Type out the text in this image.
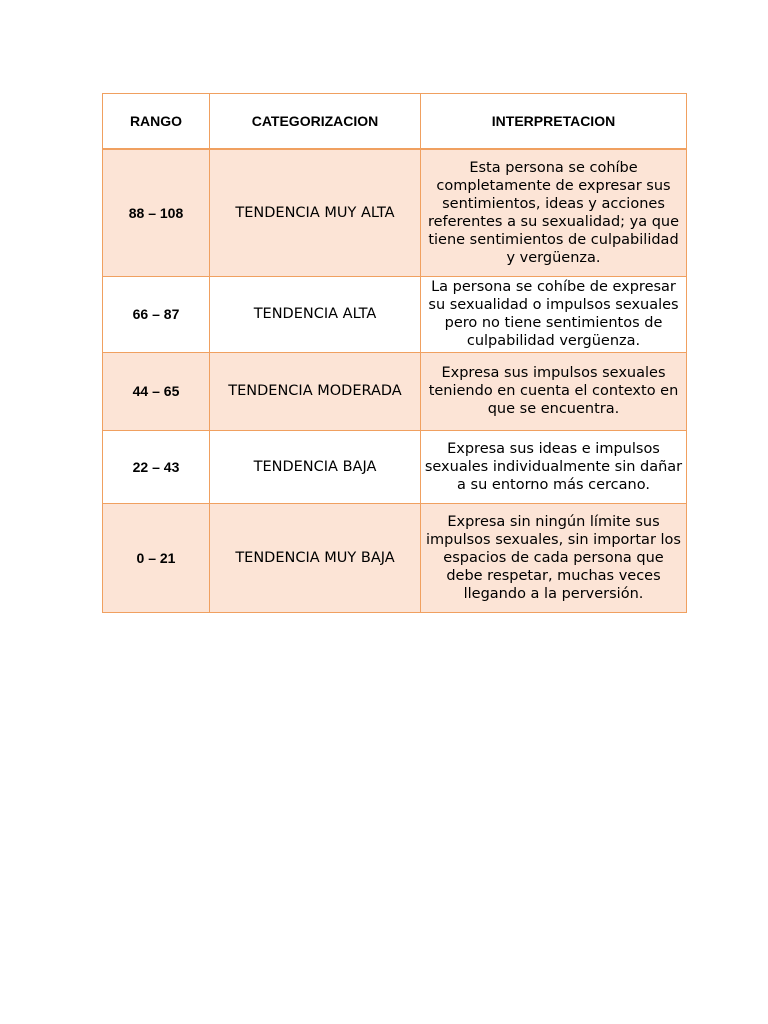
RANGO	CATEGORIZACION	INTERPRETACION
88 – 108	TENDENCIA MUY ALTA	Esta persona se cohíbe completamente de expresar sus sentimientos, ideas y acciones referentes a su sexualidad; ya que tiene sentimientos de culpabilidad y vergüenza.
66 – 87	TENDENCIA ALTA	La persona se cohíbe de expresar su sexualidad o impulsos sexuales pero no tiene sentimientos de culpabilidad vergüenza.
44 – 65	TENDENCIA MODERADA	Expresa sus impulsos sexuales teniendo en cuenta el contexto en que se encuentra.
22 – 43	TENDENCIA BAJA	Expresa sus ideas e impulsos sexuales individualmente sin dañar a su entorno más cercano.
0 – 21	TENDENCIA MUY BAJA	Expresa sin ningún límite sus impulsos sexuales, sin importar los espacios de cada persona que debe respetar, muchas veces llegando a la perversión.
